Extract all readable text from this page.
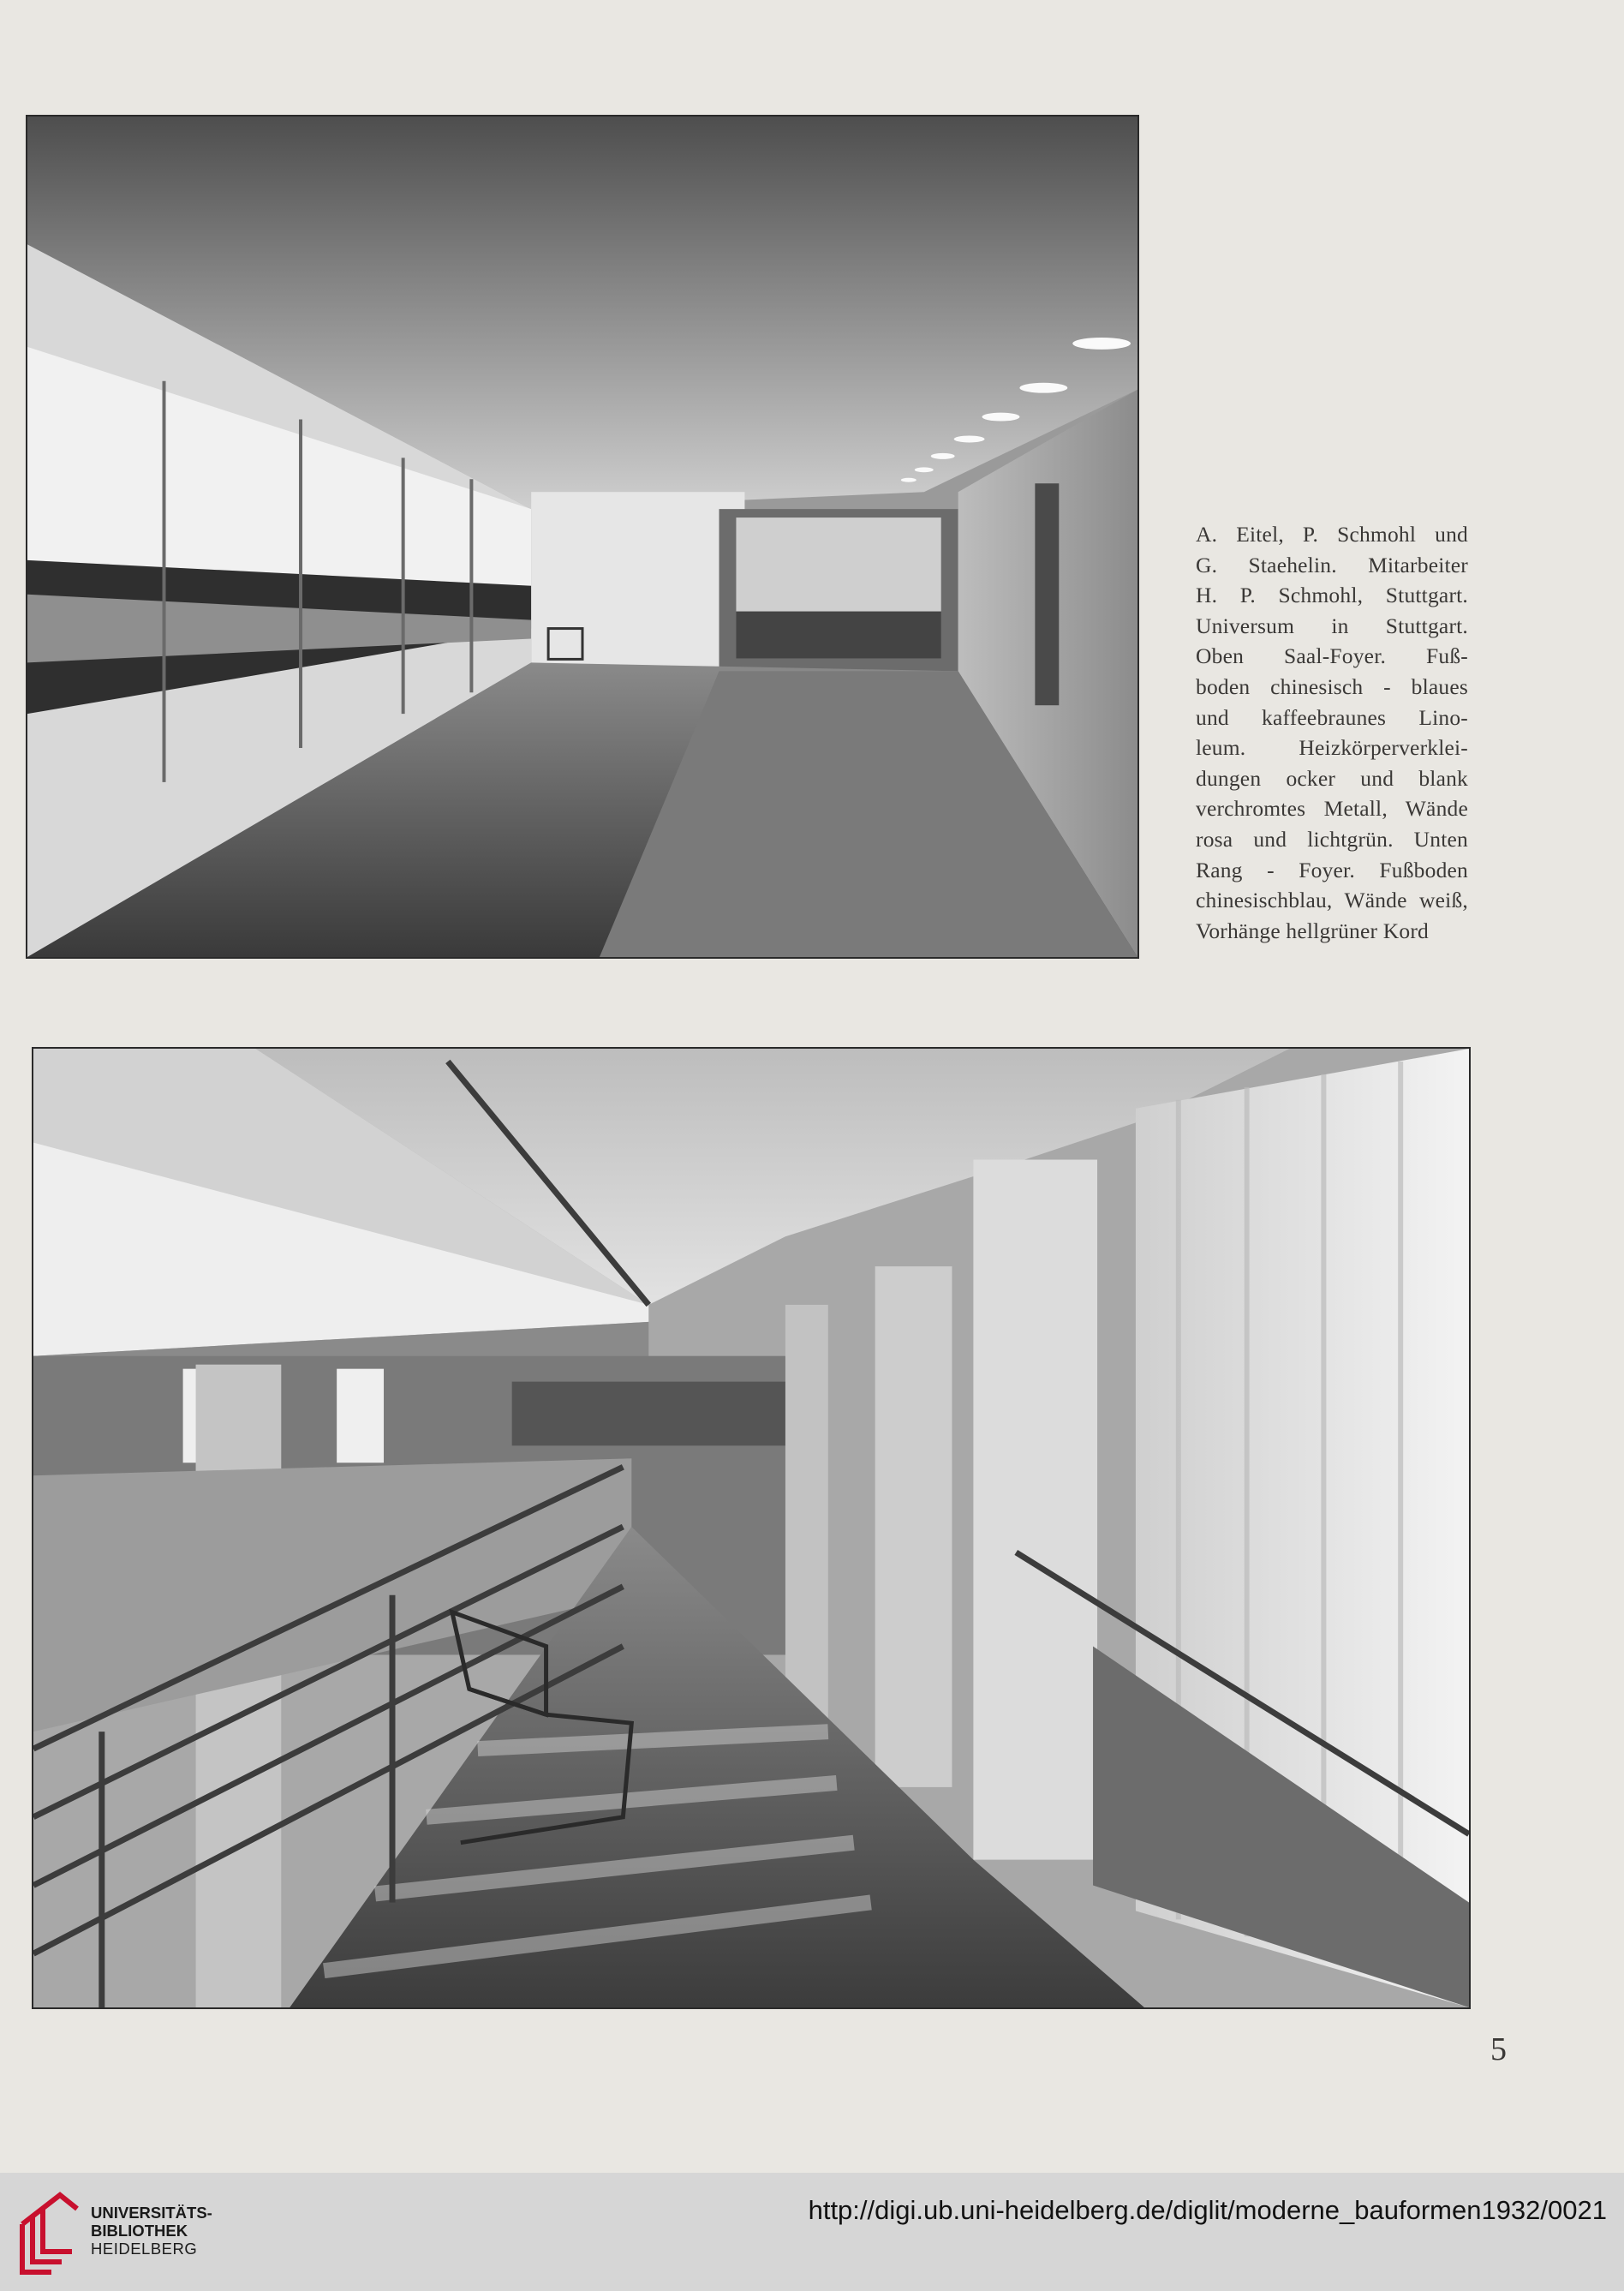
A. Eitel, P. Schmohl und
G. Staehelin. Mitarbeiter
H. P. Schmohl, Stuttgart.
Universum in Stuttgart.
Oben Saal-Foyer. Fuß-
boden chinesisch - blaues
und kaffeebraunes Lino-
leum. Heizkörperverklei-
dungen ocker und blank
verchromtes Metall, Wände
rosa und lichtgrün. Unten
Rang - Foyer. Fußboden
chinesischblau, Wände weiß,
Vorhänge hellgrüner Kord
5
UNIVERSITÄTS-
BIBLIOTHEK
HEIDELBERG
http://digi.ub.uni-heidelberg.de/diglit/moderne_bauformen1932/0021
